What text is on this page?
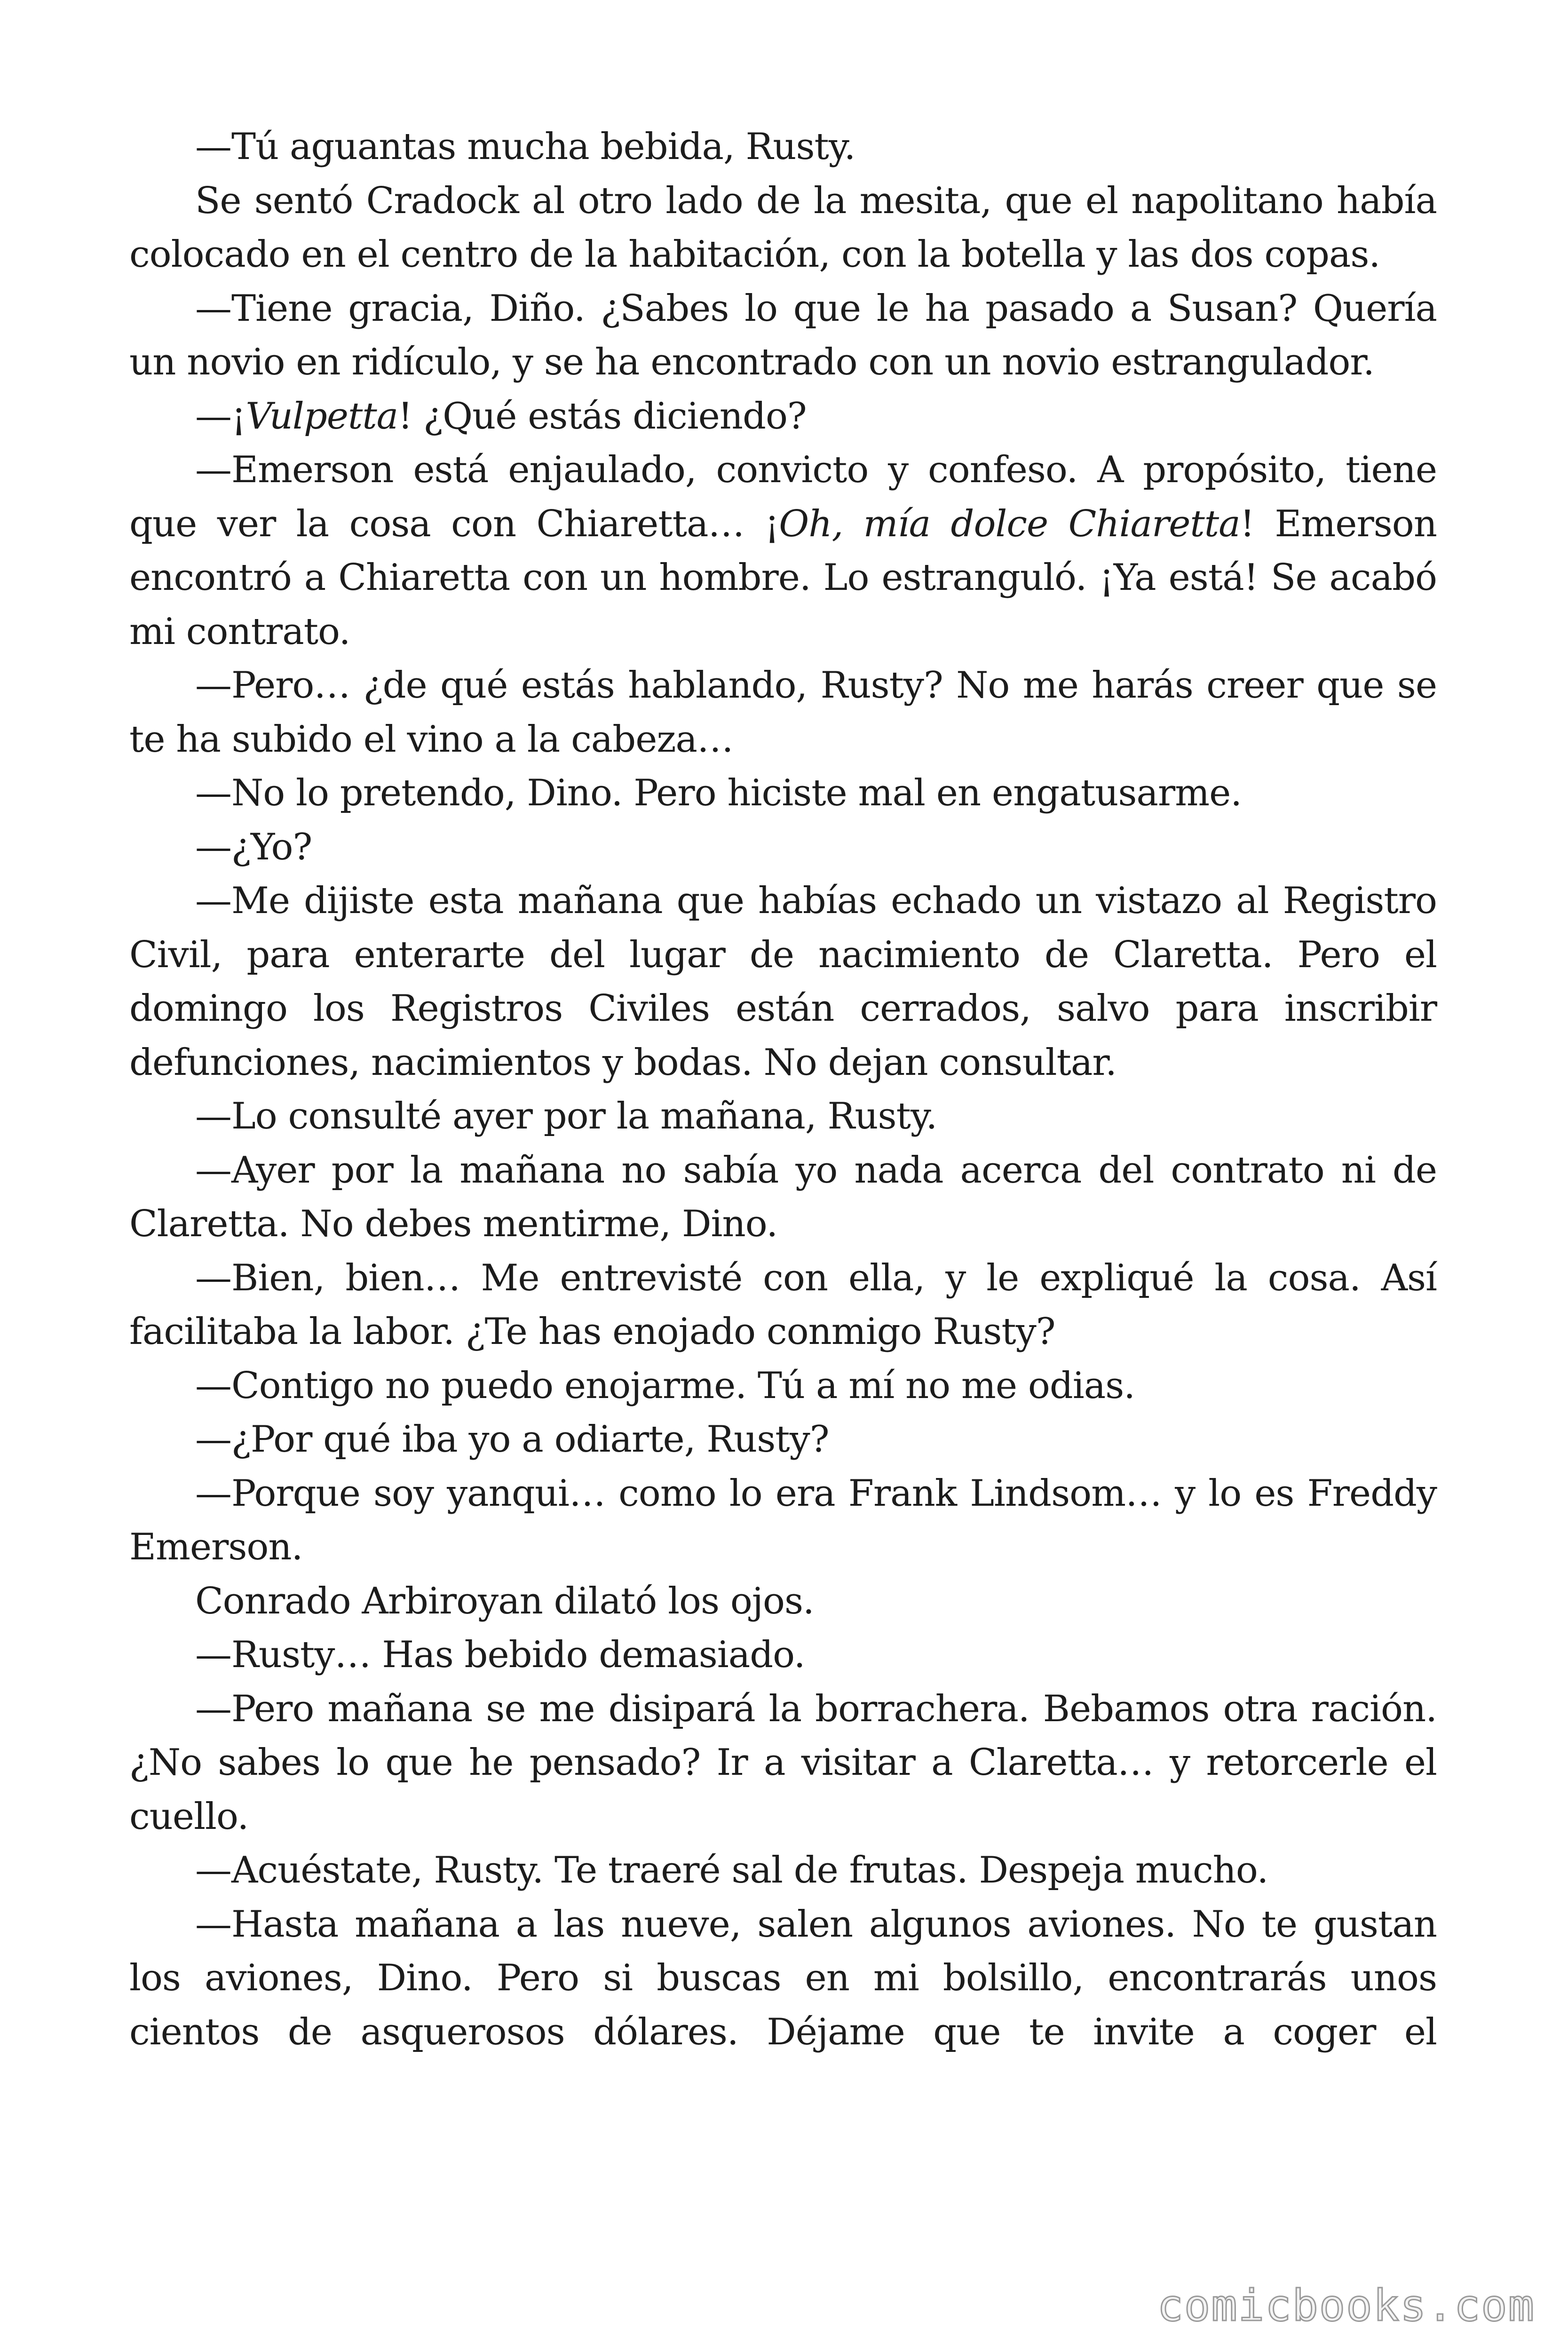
—Tú aguantas mucha bebida, Rusty.

Se sentó Cradock al otro lado de la mesita, que el napolitano había colocado en el centro de la habitación, con la botella y las dos copas.

—Tiene gracia, Diño. ¿Sabes lo que le ha pasado a Susan? Quería un novio en ridículo, y se ha encontrado con un novio estrangulador.

—¡Vulpetta! ¿Qué estás diciendo?

—Emerson está enjaulado, convicto y confeso. A propósito, tiene que ver la cosa con Chiaretta… ¡Oh, mía dolce Chiaretta! Emerson encontró a Chiaretta con un hombre. Lo estranguló. ¡Ya está! Se acabó mi contrato.

—Pero… ¿de qué estás hablando, Rusty? No me harás creer que se te ha subido el vino a la cabeza…

—No lo pretendo, Dino. Pero hiciste mal en engatusarme.

—¿Yo?

—Me dijiste esta mañana que habías echado un vistazo al Registro Civil, para enterarte del lugar de nacimiento de Claretta. Pero el domingo los Registros Civiles están cerrados, salvo para inscribir defunciones, nacimientos y bodas. No dejan consultar.

—Lo consulté ayer por la mañana, Rusty.

—Ayer por la mañana no sabía yo nada acerca del contrato ni de Claretta. No debes mentirme, Dino.

—Bien, bien… Me entrevisté con ella, y le expliqué la cosa. Así facilitaba la labor. ¿Te has enojado conmigo Rusty?

—Contigo no puedo enojarme. Tú a mí no me odias.

—¿Por qué iba yo a odiarte, Rusty?

—Porque soy yanqui… como lo era Frank Lindsom… y lo es Freddy Emerson.

Conrado Arbiroyan dilató los ojos.

—Rusty… Has bebido demasiado.

—Pero mañana se me disipará la borrachera. Bebamos otra ración. ¿No sabes lo que he pensado? Ir a visitar a Claretta… y retorcerle el cuello.

—Acuéstate, Rusty. Te traeré sal de frutas. Despeja mucho.

—Hasta mañana a las nueve, salen algunos aviones. No te gustan los aviones, Dino. Pero si buscas en mi bolsillo, encontrarás unos cientos de asquerosos dólares. Déjame que te invite a coger el

comicbooks.com
